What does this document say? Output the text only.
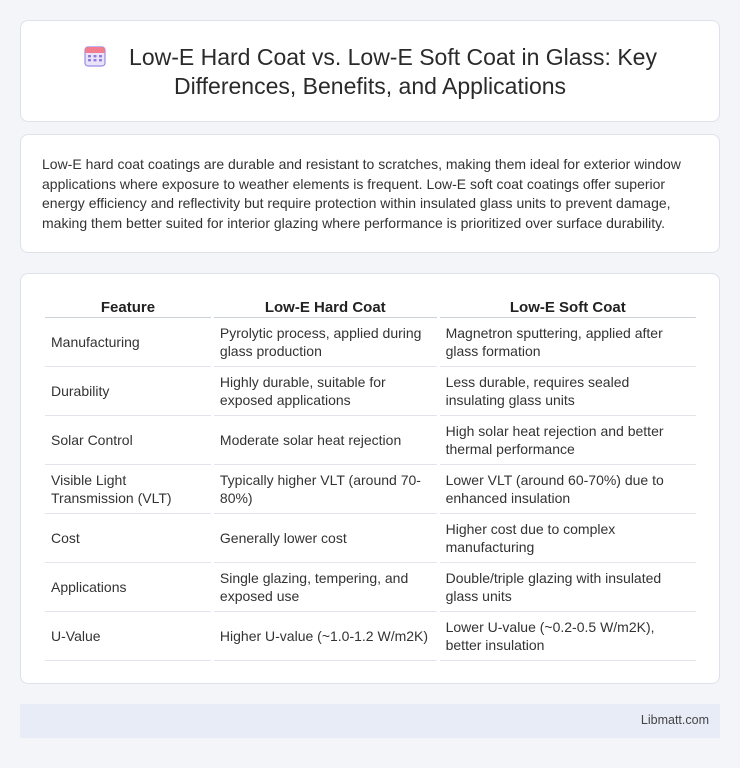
Low-E Hard Coat vs. Low-E Soft Coat in Glass: Key Differences, Benefits, and Applications

Low-E hard coat coatings are durable and resistant to scratches, making them ideal for exterior window applications where exposure to weather elements is frequent. Low-E soft coat coatings offer superior energy efficiency and reflectivity but require protection within insulated glass units to prevent damage, making them better suited for interior glazing where performance is prioritized over surface durability.

Feature	Low-E Hard Coat	Low-E Soft Coat
Manufacturing	Pyrolytic process, applied during glass production	Magnetron sputtering, applied after glass formation
Durability	Highly durable, suitable for exposed applications	Less durable, requires sealed insulating glass units
Solar Control	Moderate solar heat rejection	High solar heat rejection and better thermal performance
Visible Light Transmission (VLT)	Typically higher VLT (around 70-80%)	Lower VLT (around 60-70%) due to enhanced insulation
Cost	Generally lower cost	Higher cost due to complex manufacturing
Applications	Single glazing, tempering, and exposed use	Double/triple glazing with insulated glass units
U-Value	Higher U-value (~1.0-1.2 W/m2K)	Lower U-value (~0.2-0.5 W/m2K), better insulation
Libmatt.com
